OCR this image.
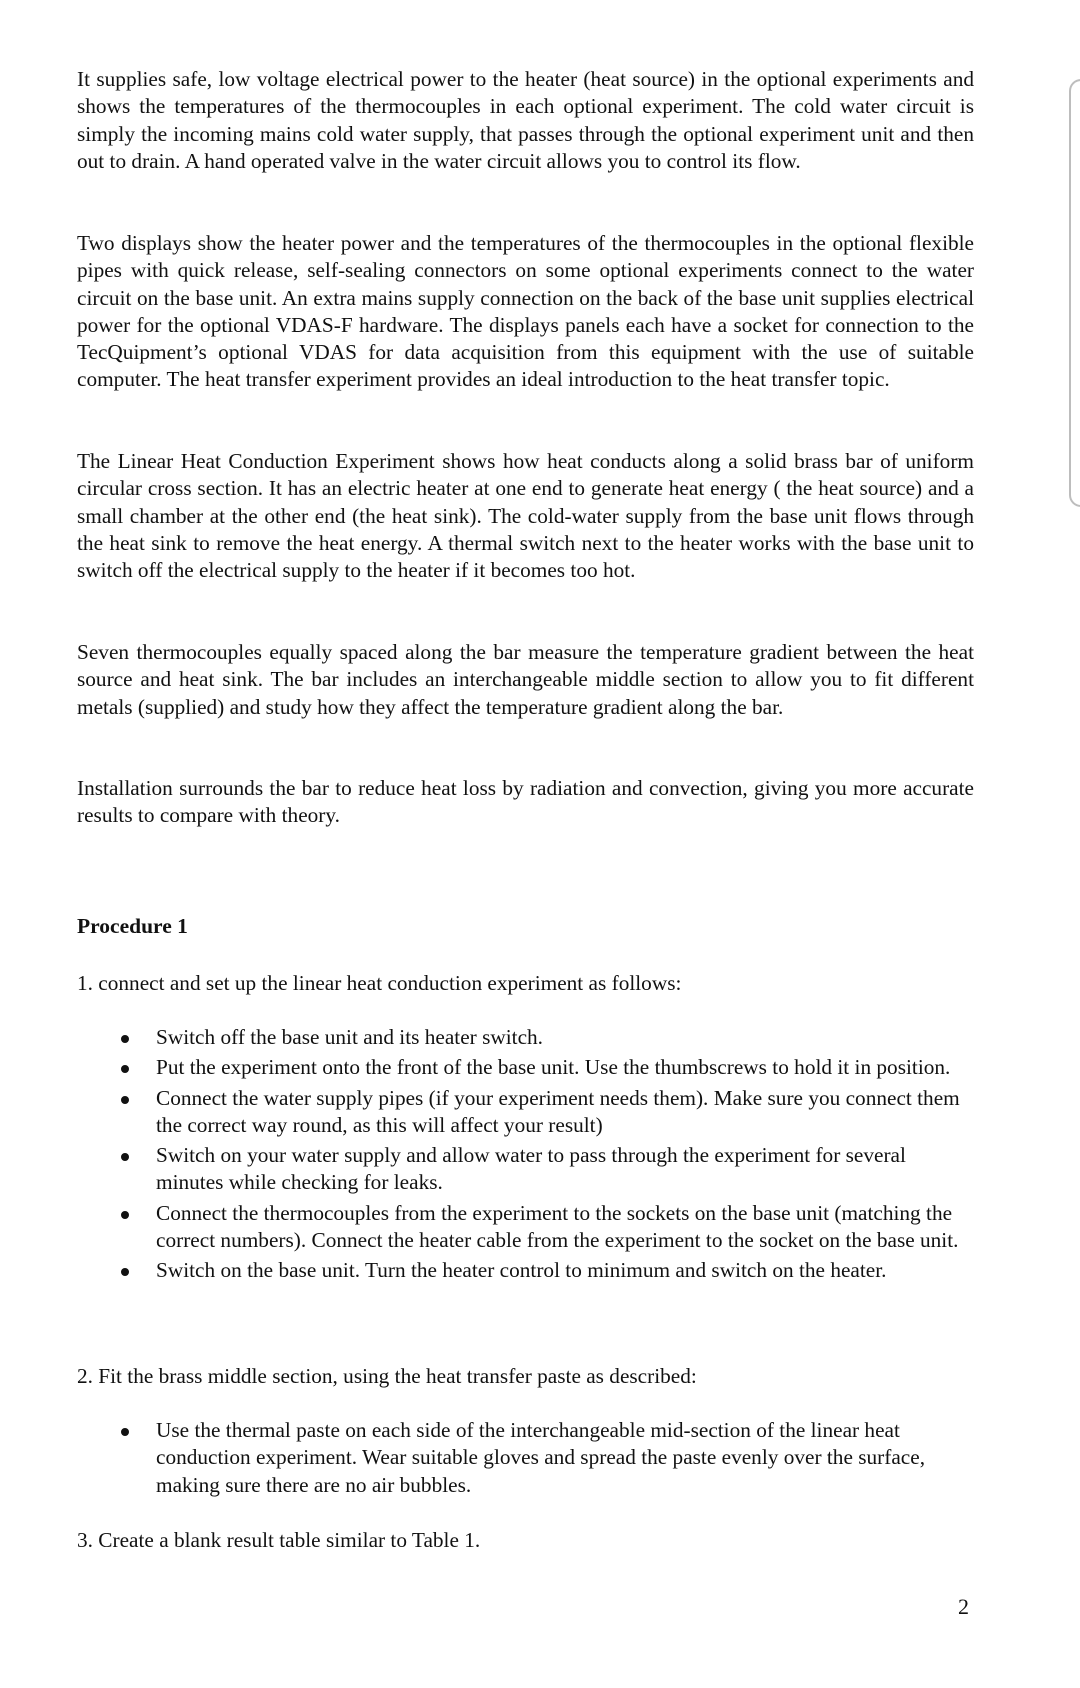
It supplies safe, low voltage electrical power to the heater (heat source) in the optional experiments and shows the temperatures of the thermocouples in each optional experiment. The cold water circuit is simply the incoming mains cold water supply, that passes through the optional experiment unit and then out to drain. A hand operated valve in the water circuit allows you to control its flow.

Two displays show the heater power and the temperatures of the thermocouples in the optional flexible pipes with quick release, self-sealing connectors on some optional experiments connect to the water circuit on the base unit. An extra mains supply connection on the back of the base unit supplies electrical power for the optional VDAS-F hardware. The displays panels each have a socket for connection to the TecQuipment’s optional VDAS for data acquisition from this equipment with the use of suitable computer. The heat transfer experiment provides an ideal introduction to the heat transfer topic.

The Linear Heat Conduction Experiment shows how heat conducts along a solid brass bar of uniform circular cross section. It has an electric heater at one end to generate heat energy ( the heat source) and a small chamber at the other end (the heat sink). The cold-water supply from the base unit flows through the heat sink to remove the heat energy. A thermal switch next to the heater works with the base unit to switch off the electrical supply to the heater if it becomes too hot.

Seven thermocouples equally spaced along the bar measure the temperature gradient between the heat source and heat sink. The bar includes an interchangeable middle section to allow you to fit different metals (supplied) and study how they affect the temperature gradient along the bar.

Installation surrounds the bar to reduce heat loss by radiation and convection, giving you more accurate results to compare with theory.

Procedure 1

1. connect and set up the linear heat conduction experiment as follows:

Switch off the base unit and its heater switch.
Put the experiment onto the front of the base unit. Use the thumbscrews to hold it in position.
Connect the water supply pipes (if your experiment needs them). Make sure you connect them the correct way round, as this will affect your result)
Switch on your water supply and allow water to pass through the experiment for several minutes while checking for leaks.
Connect the thermocouples from the experiment to the sockets on the base unit (matching the correct numbers). Connect the heater cable from the experiment to the socket on the base unit.
Switch on the base unit. Turn the heater control to minimum and switch on the heater.

2. Fit the brass middle section, using the heat transfer paste as described:

Use the thermal paste on each side of the interchangeable mid-section of the linear heat conduction experiment. Wear suitable gloves and spread the paste evenly over the surface, making sure there are no air bubbles.

3. Create a blank result table similar to Table 1.

2
